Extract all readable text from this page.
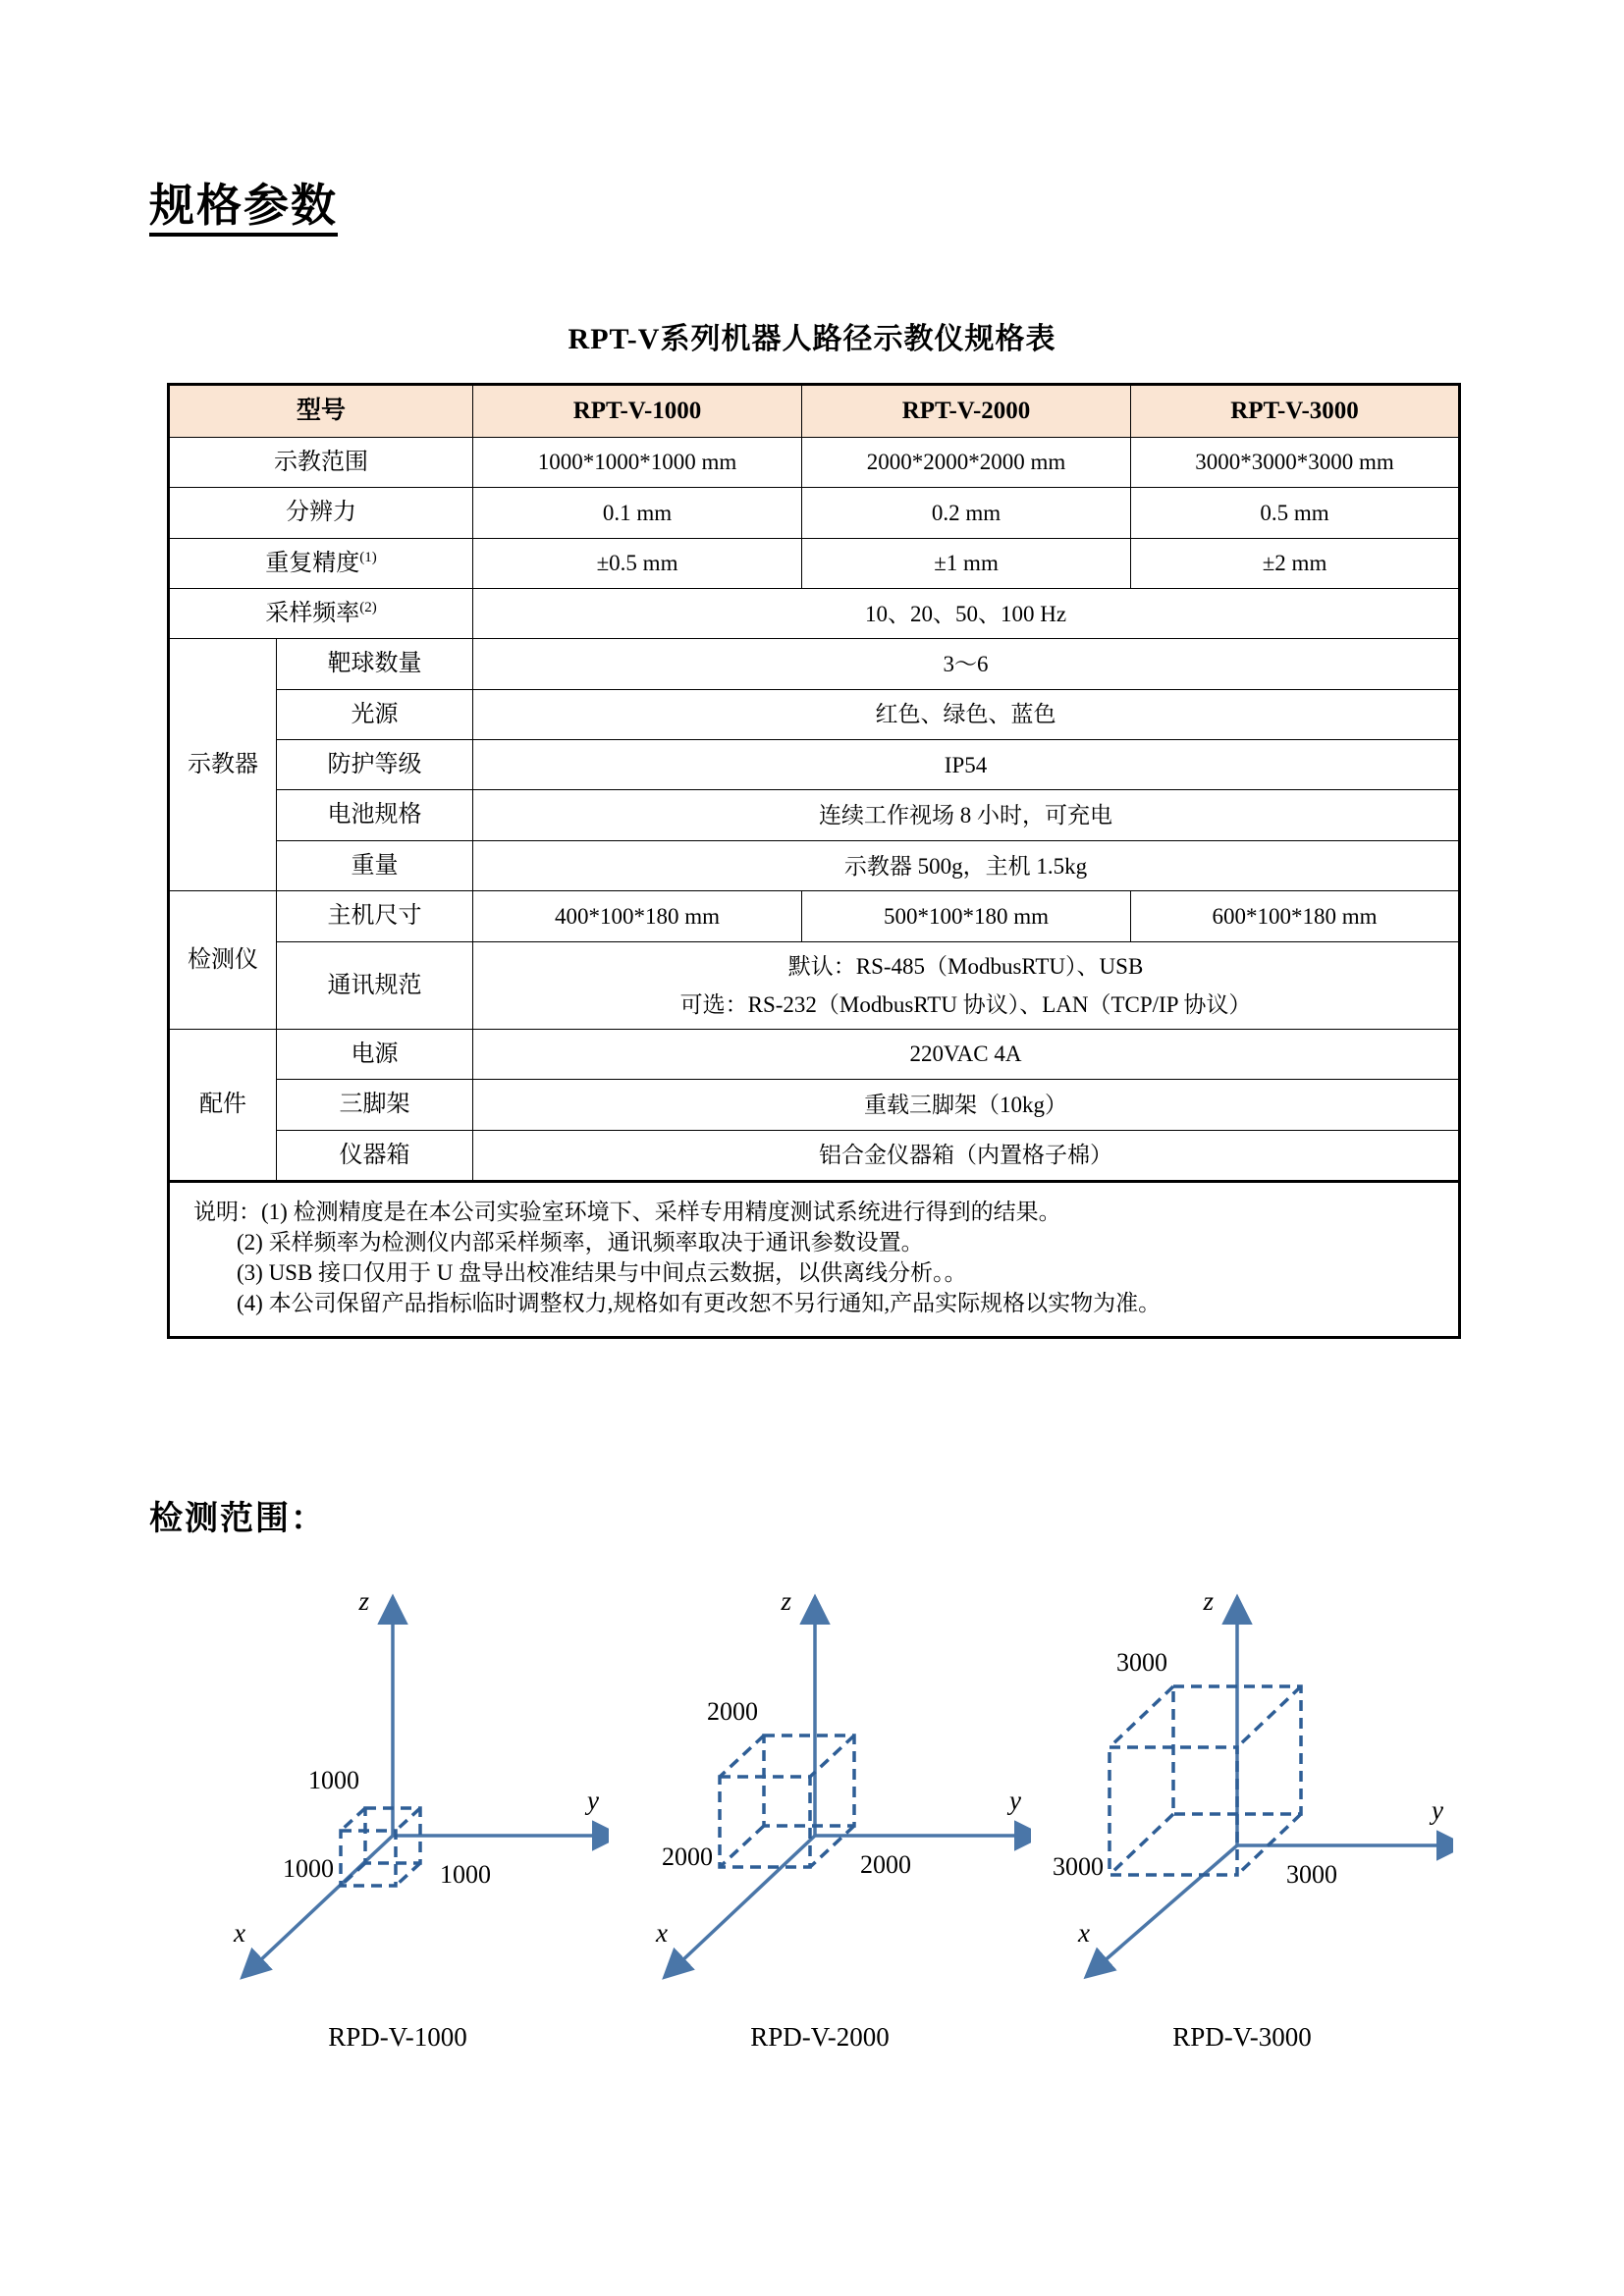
规格参数
RPT-V系列机器人路径示教仪规格表
型号		RPT-V-1000	RPT-V-2000	RPT-V-3000
示教范围		1000*1000*1000 mm	2000*2000*2000 mm	3000*3000*3000 mm
分辨力		0.1 mm	0.2 mm	0.5 mm
重复精度$^{(1)}$		±0.5 mm	±1 mm	±2 mm
采样频率$^{(2)}$		10、20、50、100 Hz		
示教器	靶球数量	3～6		
	光源	红色、绿色、蓝色		
	防护等级	IP54		
	电池规格	连续工作视场 8 小时，可充电		
	重量	示教器 500g，主机 1.5kg		
检测仪	主机尺寸	400*100*180 mm	500*100*180 mm	600*100*180 mm
	通讯规范	默认：RS-485（ModbusRTU）、USB
可选：RS-232（ModbusRTU 协议）、LAN（TCP/IP 协议）		

配件	电源	220VAC 4A		
	三脚架	重载三脚架（10kg）		
	仪器箱	铝合金仪器箱（内置格子棉）		

说明：(1) 检测精度是在本公司实验室环境下、采样专用精度测试系统进行得到的结果。
(2) 采样频率为检测仪内部采样频率，通讯频率取决于通讯参数设置。
(3) USB 接口仅用于 U 盘导出校准结果与中间点云数据，以供离线分析。。
(4) 本公司保留产品指标临时调整权力,规格如有更改恕不另行通知,产品实际规格以实物为准。				
检测范围：
z
y
x
1000
1000	1000
RPD-V-1000
z
y
x
2000
2000	2000
RPD-V-2000
z
y
x
3000
3000	3000
RPD-V-3000
